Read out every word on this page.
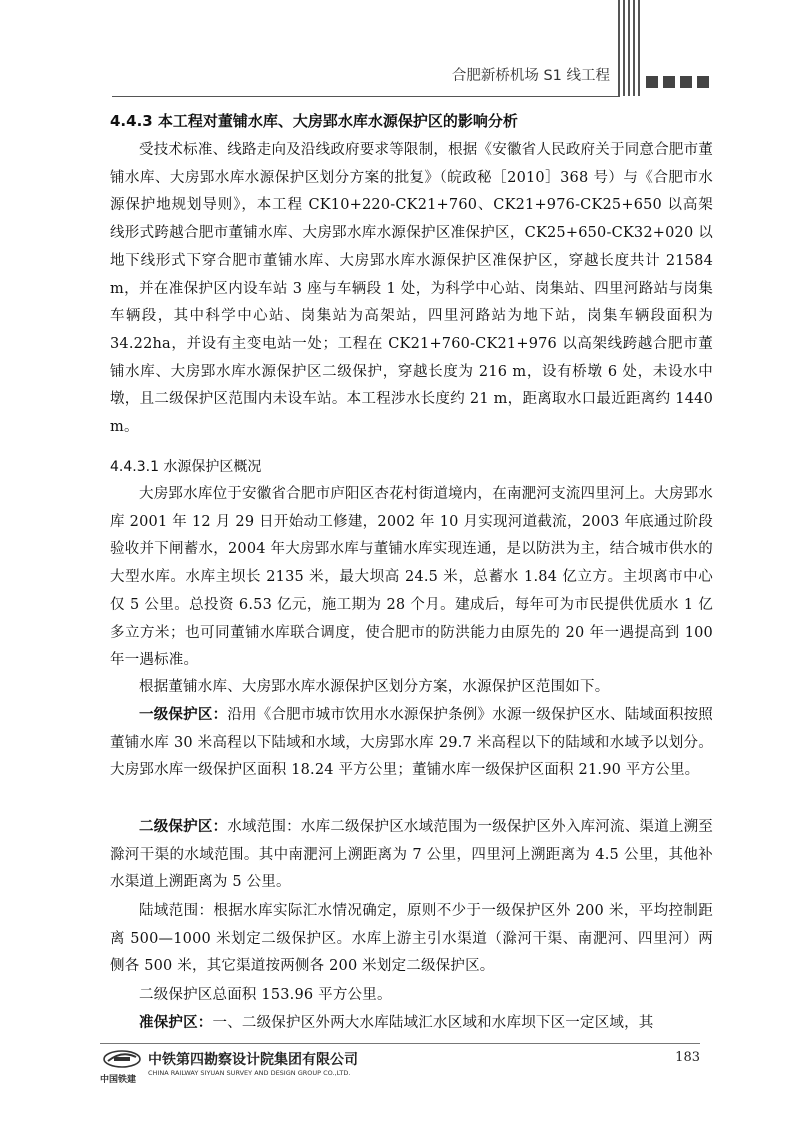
合肥新桥机场 S1 线工程
4.4.3 本工程对董铺水库、大房郢水库水源保护区的影响分析

受技术标准、线路走向及沿线政府要求等限制，根据《安徽省人民政府关于同意合肥市董铺水库、大房郢水库水源保护区划分方案的批复》（皖政秘［2010］368 号）与《合肥市水源保护地规划导则》，本工程 CK10+220-CK21+760、CK21+976-CK25+650 以高架线形式跨越合肥市董铺水库、大房郢水库水源保护区准保护区，CK25+650-CK32+020 以地下线形式下穿合肥市董铺水库、大房郢水库水源保护区准保护区，穿越长度共计 21584 m，并在准保护区内设车站 3 座与车辆段 1 处，为科学中心站、岗集站、四里河路站与岗集车辆段，其中科学中心站、岗集站为高架站，四里河路站为地下站，岗集车辆段面积为 34.22ha，并设有主变电站一处；工程在 CK21+760-CK21+976 以高架线跨越合肥市董铺水库、大房郢水库水源保护区二级保护，穿越长度为 216 m，设有桥墩 6 处，未设水中墩，且二级保护区范围内未设车站。本工程涉水长度约 21 m，距离取水口最近距离约 1440 m。

4.4.3.1 水源保护区概况

大房郢水库位于安徽省合肥市庐阳区杏花村街道境内，在南淝河支流四里河上。大房郢水库 2001 年 12 月 29 日开始动工修建，2002 年 10 月实现河道截流，2003 年底通过阶段验收并下闸蓄水，2004 年大房郢水库与董铺水库实现连通，是以防洪为主，结合城市供水的大型水库。水库主坝长 2135 米，最大坝高 24.5 米，总蓄水 1.84 亿立方。主坝离市中心仅 5 公里。总投资 6.53 亿元，施工期为 28 个月。建成后，每年可为市民提供优质水 1 亿多立方米；也可同董铺水库联合调度，使合肥市的防洪能力由原先的 20 年一遇提高到 100 年一遇标准。

根据董铺水库、大房郢水库水源保护区划分方案，水源保护区范围如下。

一级保护区：沿用《合肥市城市饮用水水源保护条例》水源一级保护区水、陆域面积按照董铺水库 30 米高程以下陆域和水域，大房郢水库 29.7 米高程以下的陆域和水域予以划分。大房郢水库一级保护区面积 18.24 平方公里；董铺水库一级保护区面积 21.90 平方公里。

二级保护区：水域范围：水库二级保护区水域范围为一级保护区外入库河流、渠道上溯至滁河干渠的水域范围。其中南淝河上溯距离为 7 公里，四里河上溯距离为 4.5 公里，其他补水渠道上溯距离为 5 公里。

陆域范围：根据水库实际汇水情况确定，原则不少于一级保护区外 200 米，平均控制距离 500—1000 米划定二级保护区。水库上游主引水渠道（滁河干渠、南淝河、四里河）两侧各 500 米，其它渠道按两侧各 200 米划定二级保护区。

二级保护区总面积 153.96 平方公里。

准保护区：一、二级保护区外两大水库陆域汇水区域和水库坝下区一定区域，其

中国铁建
中铁第四勘察设计院集团有限公司
CHINA RAILWAY SIYUAN SURVEY AND DESIGN GROUP CO.,LTD.
183
